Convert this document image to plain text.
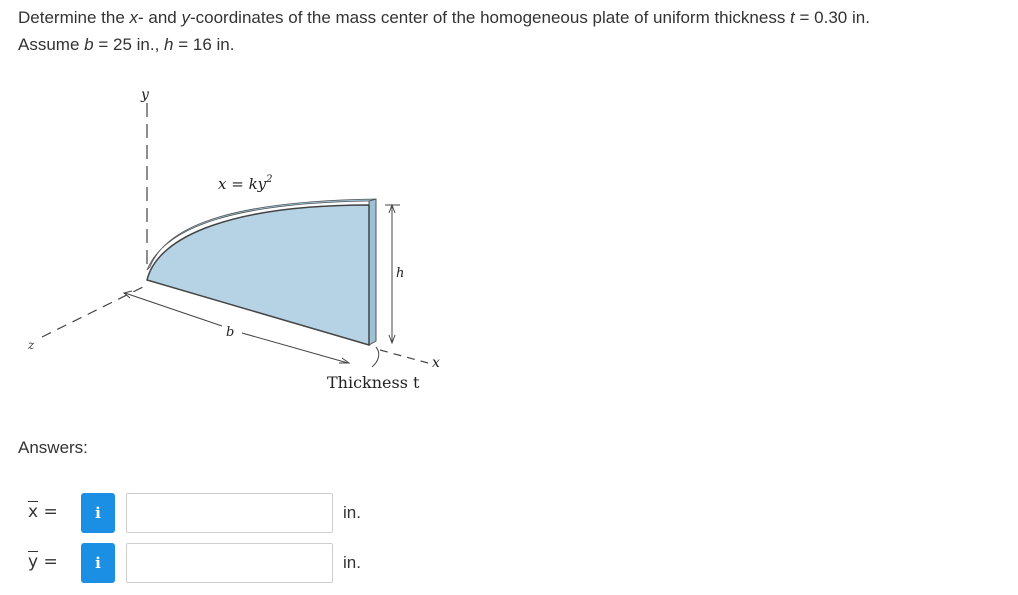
Determine the x- and y-coordinates of the mass center of the homogeneous plate of uniform thickness t = 0.30 in.
Assume b = 25 in., h = 16 in.
y
x
z
h
b
Thickness t
$x = ky^2$
Answers:
$\overline{x}$ =	i	in.
$\overline{y}$ =	i	in.
